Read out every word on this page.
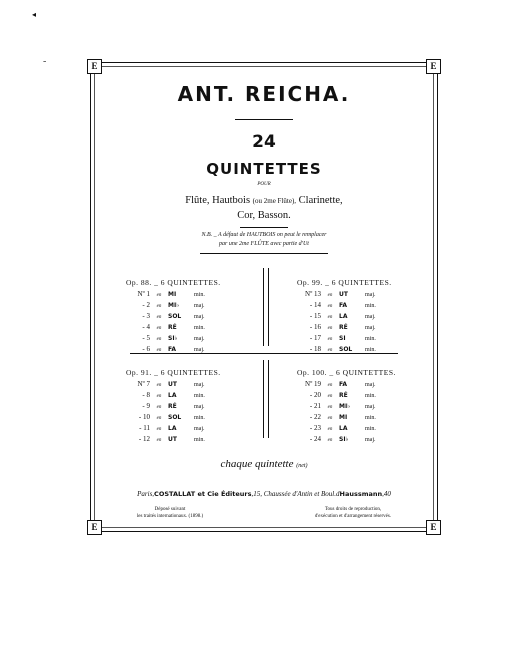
◂
-	E	E
E	E
ANT. REICHA.
24
QUINTETTES
POUR
Flûte, Hautbois (ou 2me Flûte), Clarinette,
Cor, Basson.
N.B. _ A défaut de HAUTBOIS on peut le remplacer
par une 2me FLÛTE avec partie d'Ut
Op. 88. _ 6 QUINTETTES.
Nº 1 en MI	min.
- 2 en MI♭ maj.
- 3 en SOL maj.
- 4 en RÉ	min.
- 5 en SI♭	maj.
- 6 en FA	maj.
Op. 99. _ 6 QUINTETTES.
Nº 13 en UT	maj.
- 14 en FA	min.
- 15 en LA	maj.
- 16 en RÉ	maj.
- 17 en SI	min.
- 18 en SOL min.
Op. 91. _ 6 QUINTETTES.
Nº 7 en UT	maj.
- 8 en LA	min.
- 9 en RÉ	maj.
- 10 en SOL min.
- 11 en LA	maj.
- 12 en UT	min.
Op. 100. _ 6 QUINTETTES.
Nº 19 en FA	maj.
- 20 en RÉ	min.
- 21 en MI♭ maj.
- 22 en MI	min.
- 23 en LA	min.
- 24 en SI♭	maj.
chaque quintette (net)
Paris,COSTALLAT et Cie Éditeurs,15, Chaussée d'Antin et Boul.dHaussmann,40
Déposé suivant
les traités internationaux. (1898.)
Tous droits de reproduction,
d'exécution et d'arrangement réservés.
